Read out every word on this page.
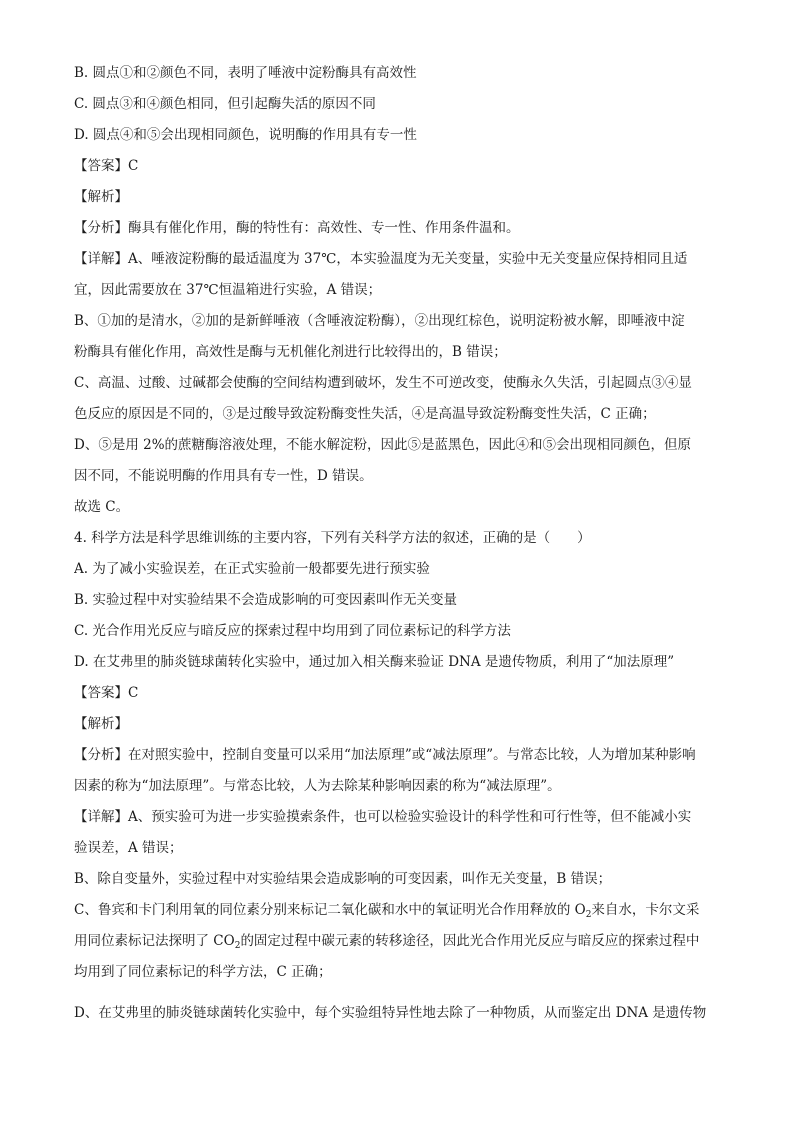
B. 圆点①和②颜色不同，表明了唾液中淀粉酶具有高效性
C. 圆点③和④颜色相同，但引起酶失活的原因不同
D. 圆点④和⑤会出现相同颜色，说明酶的作用具有专一性
【答案】C
【解析】
【分析】酶具有催化作用，酶的特性有：高效性、专一性、作用条件温和。
【详解】A、唾液淀粉酶的最适温度为 37℃，本实验温度为无关变量，实验中无关变量应保持相同且适
宜，因此需要放在 37℃恒温箱进行实验，A 错误；
B、①加的是清水，②加的是新鲜唾液（含唾液淀粉酶），②出现红棕色，说明淀粉被水解，即唾液中淀
粉酶具有催化作用，高效性是酶与无机催化剂进行比较得出的，B 错误；
C、高温、过酸、过碱都会使酶的空间结构遭到破坏，发生不可逆改变，使酶永久失活，引起圆点③④显
色反应的原因是不同的，③是过酸导致淀粉酶变性失活，④是高温导致淀粉酶变性失活，C 正确；
D、⑤是用 2%的蔗糖酶溶液处理，不能水解淀粉，因此⑤是蓝黑色，因此④和⑤会出现相同颜色，但原
因不同，不能说明酶的作用具有专一性，D 错误。
故选 C。
4. 科学方法是科学思维训练的主要内容，下列有关科学方法的叙述，正确的是（　　）
A. 为了减小实验误差，在正式实验前一般都要先进行预实验
B. 实验过程中对实验结果不会造成影响的可变因素叫作无关变量
C. 光合作用光反应与暗反应的探索过程中均用到了同位素标记的科学方法
D. 在艾弗里的肺炎链球菌转化实验中，通过加入相关酶来验证 DNA 是遗传物质，利用了“加法原理”
【答案】C
【解析】
【分析】在对照实验中，控制自变量可以采用“加法原理”或“减法原理”。与常态比较，人为增加某种影响
因素的称为“加法原理”。与常态比较，人为去除某种影响因素的称为“减法原理”。
【详解】A、预实验可为进一步实验摸索条件，也可以检验实验设计的科学性和可行性等，但不能减小实
验误差，A 错误；
B、除自变量外，实验过程中对实验结果会造成影响的可变因素，叫作无关变量，B 错误；
C、鲁宾和卡门利用氧的同位素分别来标记二氧化碳和水中的氧证明光合作用释放的 $O_2$来自水，卡尔文采
用同位素标记法探明了 $CO_2$的固定过程中碳元素的转移途径，因此光合作用光反应与暗反应的探索过程中
均用到了同位素标记的科学方法，C 正确；
D、在艾弗里的肺炎链球菌转化实验中，每个实验组特异性地去除了一种物质，从而鉴定出 DNA 是遗传物
